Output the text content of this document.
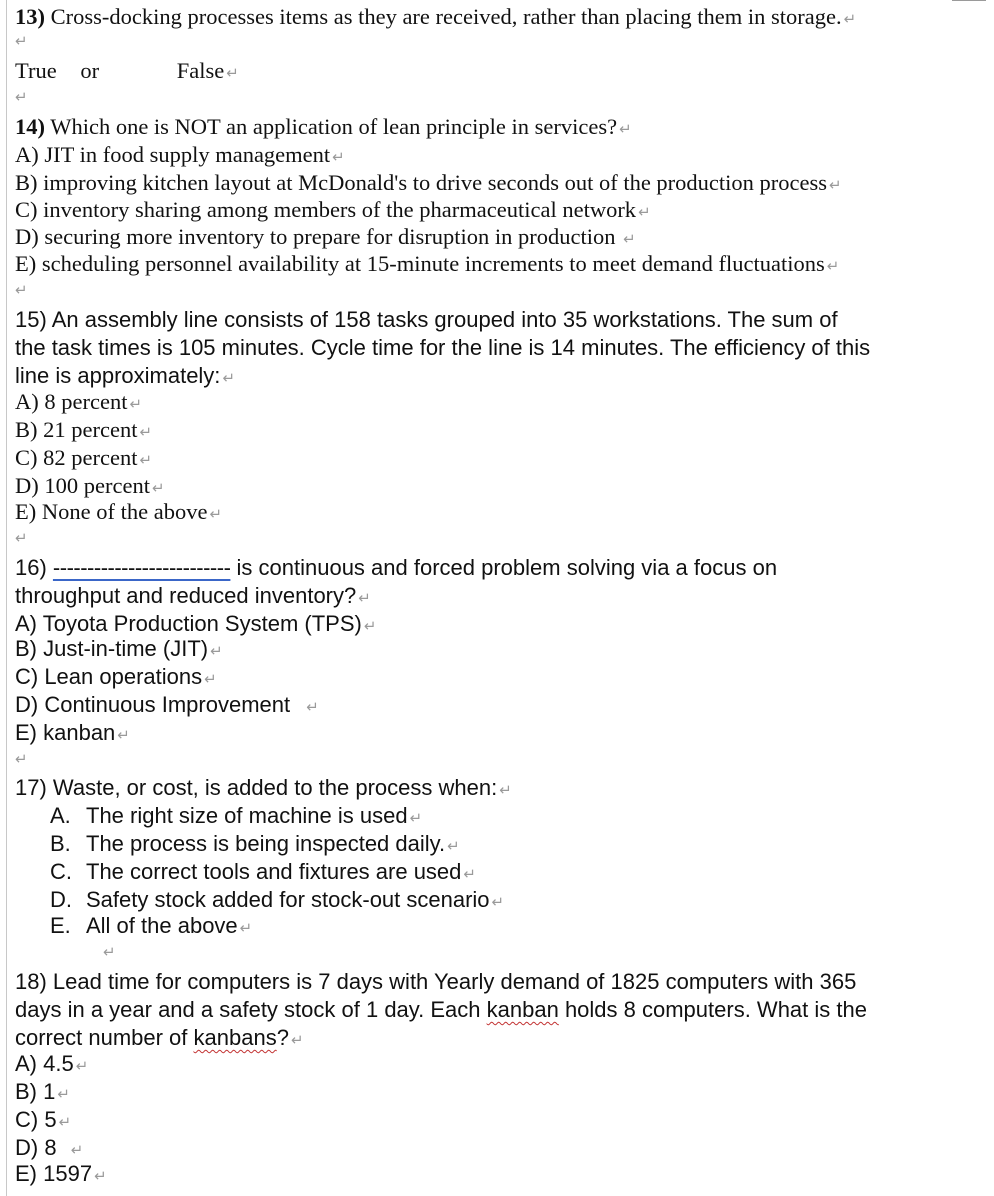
13) Cross-docking processes items as they are received, rather than placing them in storage. ↵
↵
True or	False ↵
↵
14) Which one is NOT an application of lean principle in services? ↵
A) JIT in food supply management ↵
B) improving kitchen layout at McDonald's to drive seconds out of the production process ↵
C) inventory sharing among members of the pharmaceutical network ↵
D) securing more inventory to prepare for disruption in production ↵
E) scheduling personnel availability at 15-minute increments to meet demand fluctuations ↵
↵
15) An assembly line consists of 158 tasks grouped into 35 workstations. The sum of
the task times is 105 minutes. Cycle time for the line is 14 minutes. The efficiency of this
line is approximately: ↵
A) 8 percent ↵
B) 21 percent ↵
C) 82 percent ↵
D) 100 percent ↵
E) None of the above ↵
↵
16) -------------------------- is continuous and forced problem solving via a focus on
throughput and reduced inventory? ↵
A) Toyota Production System (TPS) ↵
B) Just-in-time (JIT) ↵
C) Lean operations ↵
D) Continuous Improvement ↵
E) kanban ↵
↵
17) Waste, or cost, is added to the process when: ↵
A. The right size of machine is used ↵
B. The process is being inspected daily. ↵
C. The correct tools and fixtures are used ↵
D. Safety stock added for stock-out scenario ↵
E. All of the above ↵
↵
18) Lead time for computers is 7 days with Yearly demand of 1825 computers with 365
days in a year and a safety stock of 1 day. Each kanban holds 8 computers. What is the
correct number of kanbans? ↵
A) 4.5 ↵
B) 1 ↵
C) 5 ↵
D) 8 ↵
E) 1597 ↵
